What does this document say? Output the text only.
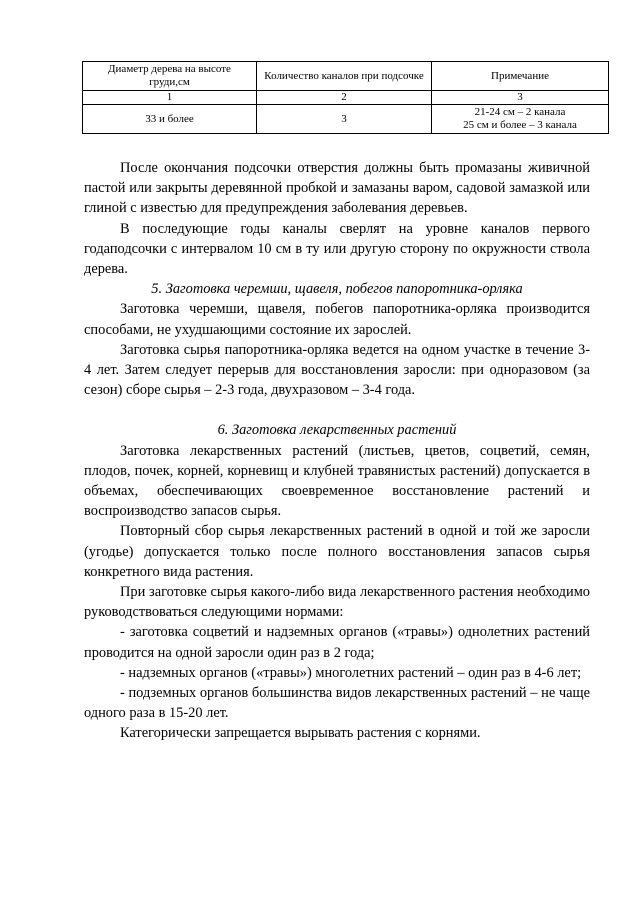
Диаметр дерева на высоте груди,см	Количество каналов при подсочке	Примечание
1	2	3
33 и более	3	21-24 см – 2 канала
25 см и более – 3 канала

После окончания подсочки отверстия должны быть промазаны живичной пастой или закрыты деревянной пробкой и замазаны варом, садовой замазкой или глиной с известью для предупреждения заболевания деревьев.

В последующие годы каналы сверлят на уровне каналов первого годаподсочки с интервалом 10 см в ту или другую сторону по окружности ствола дерева.

5. Заготовка черемши, щавеля, побегов папоротника-орляка

Заготовка черемши, щавеля, побегов папоротника-орляка производится способами, не ухудшающими состояние их зарослей.

Заготовка сырья папоротника-орляка ведется на одном участке в течение 3-4 лет. Затем следует перерыв для восстановления заросли: при одноразовом (за сезон) сборе сырья – 2-3 года, двухразовом – 3-4 года.

6. Заготовка лекарственных растений

Заготовка лекарственных растений (листьев, цветов, соцветий, семян, плодов, почек, корней, корневищ и клубней травянистых растений) допускается в объемах, обеспечивающих своевременное восстановление растений и воспроизводство запасов сырья.

Повторный сбор сырья лекарственных растений в одной и той же заросли (угодье) допускается только после полного восстановления запасов сырья конкретного вида растения.

При заготовке сырья какого-либо вида лекарственного растения необходимо руководствоваться следующими нормами:

- заготовка соцветий и надземных органов («травы») однолетних растений проводится на одной заросли один раз в 2 года;

- надземных органов («травы») многолетних растений – один раз в 4-6 лет;

- подземных органов большинства видов лекарственных растений – не чаще одного раза в 15-20 лет.

Категорически запрещается вырывать растения с корнями.
